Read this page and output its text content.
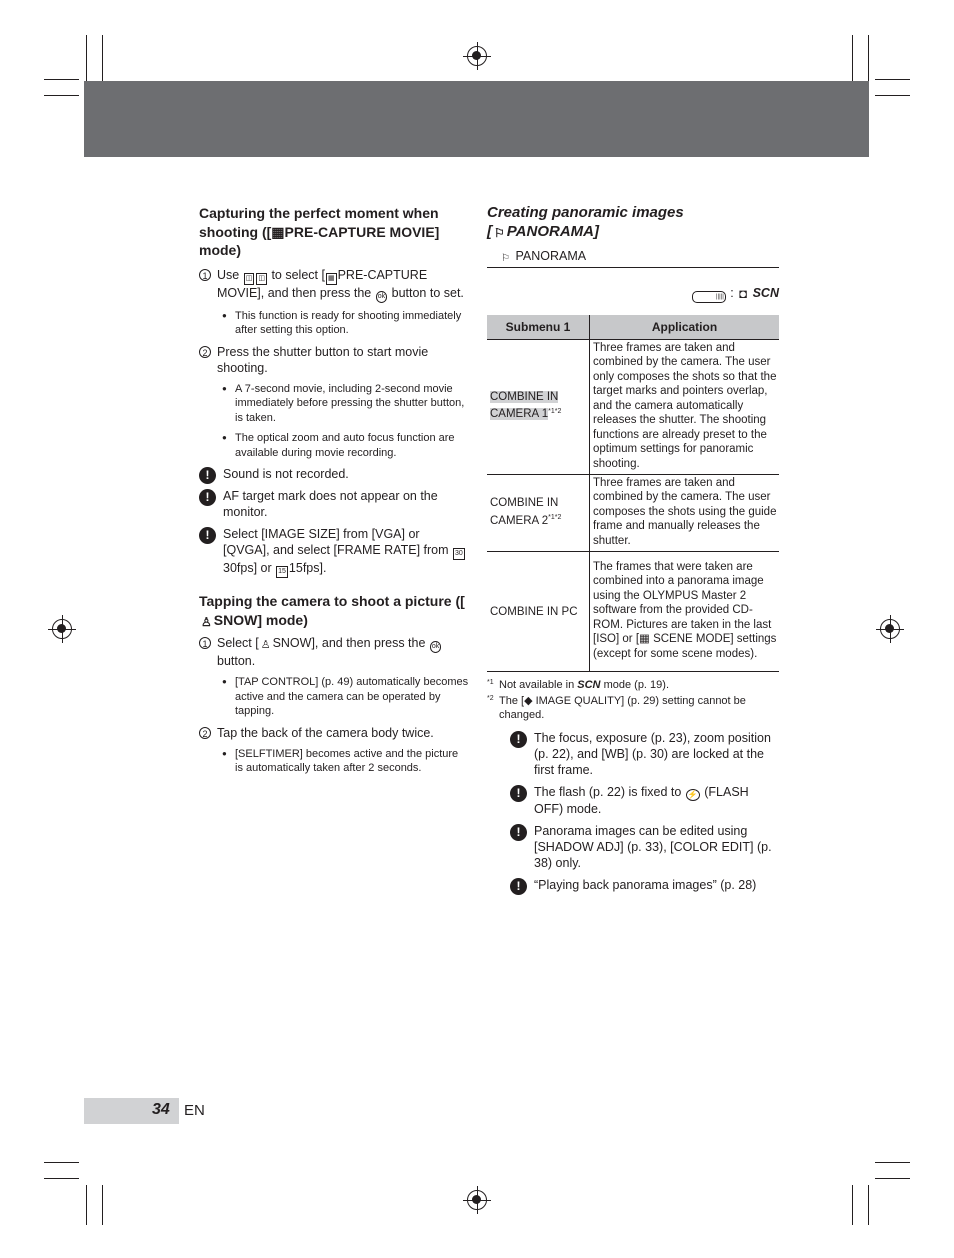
Capturing the perfect moment when shooting ([▦PRE-CAPTURE MOVIE] mode)
1 Use ◫ ◫ to select [ ▦ PRE-CAPTURE MOVIE], and then press the ok button to set.
● This function is ready for shooting immediately after setting this option.
2 Press the shutter button to start movie shooting.
● A 7-second movie, including 2-second movie immediately before pressing the shutter button, is taken.
● The optical zoom and auto focus function are available during movie recording.
!	Sound is not recorded.
!	AF target mark does not appear on the monitor.
!	Select [IMAGE SIZE] from [VGA] or [QVGA], and select [FRAME RATE] from 3030fps] or 15 15fps].
Tapping the camera to shoot a picture ([♙ SNOW] mode)
1 Select [ ♙ SNOW], and then press the ok button.
● [TAP CONTROL] (p. 49) automatically becomes active and the camera can be operated by tapping.
2 Tap the back of the camera body twice.
● [SELFTIMER] becomes active and the picture is automatically taken after 2 seconds.
Creating panoramic images
[ ⚐ PANORAMA]
⚐ PANORAMA
||||| : ◘ SCN
Submenu 1	Application
COMBINE IN CAMERA $1^{*1*2}$	Three frames are taken and combined by the camera. The user only composes the shots so that the target marks and pointers overlap, and the camera automatically releases the shutter. The shooting functions are already preset to the optimum settings for panoramic shooting.
COMBINE IN CAMERA $2^{*1*2}$	Three frames are taken and combined by the camera. The user composes the shots using the guide frame and manually releases the shutter.
COMBINE IN PC	The frames that were taken are combined into a panorama image using the OLYMPUS Master 2 software from the provided CD-ROM. Pictures are taken in the last [ISO] or [▦ SCENE MODE] settings (except for some scene modes).
*1 Not available in SCN mode (p. 19).
*2 The [◆ IMAGE QUALITY] (p. 29) setting cannot be changed.
!	The focus, exposure (p. 23), zoom position (p. 22), and [WB] (p. 30) are locked at the first frame.
!	The flash (p. 22) is fixed to ⚡ (FLASH OFF) mode.
!	Panorama images can be edited using [SHADOW ADJ] (p. 33), [COLOR EDIT] (p. 38) only.
!	“Playing back panorama images” (p. 28)
34 EN
